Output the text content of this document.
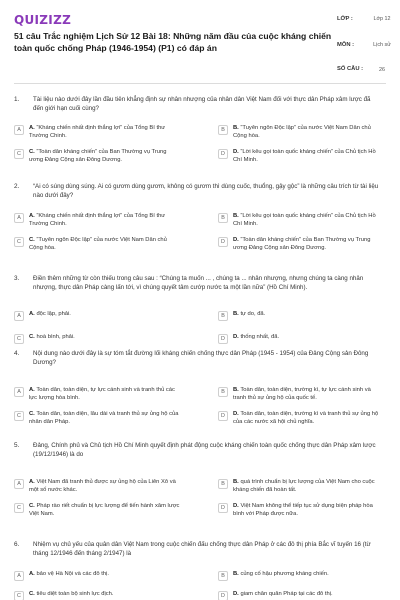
QUIZIZZ
51 câu Trắc nghiệm Lịch Sử 12 Bài 18: Những năm đầu của cuộc kháng chiến toàn quốc chống Pháp (1946-1954) (P1) có đáp án
LỚP :	Lớp 12
MÔN :	Lịch sử
SỐ CÂU :	26
1. Tài liệu nào dưới đây lần đầu tiên khẳng định sự nhân nhượng của nhân dân Việt Nam đối với thực dân Pháp xâm lược đã đến giới hạn cuối cùng?
2. “Ai có súng dùng súng. Ai có gươm dùng gươm, không có gươm thì dùng cuốc, thuổng, gậy gộc” là những câu trích từ tài liệu nào dưới đây?
3. Điền thêm những từ còn thiếu trong câu sau : “Chúng ta muốn ... , chúng ta ... nhân nhượng, nhưng chúng ta càng nhân nhượng, thực dân Pháp càng lấn tới, vì chúng quyết tâm cướp nước ta một lần nữa” (Hồ Chí Minh).
4. Nội dung nào dưới đây là sự tóm tắt đường lối kháng chiến chống thực dân Pháp (1945 - 1954) của Đảng Cộng sản Đông Dương?
5. Đảng, Chính phủ và Chủ tịch Hồ Chí Minh quyết định phát động cuộc kháng chiến toàn quốc chống thực dân Pháp xâm lược (19/12/1946) là do
6. Nhiệm vụ chủ yếu của quân dân Việt Nam trong cuộc chiến đấu chống thực dân Pháp ở các đô thị phía Bắc vĩ tuyến 16 (từ tháng 12/1946 đến tháng 2/1947) là
A	A. “Kháng chiến nhất định thắng lợi” của Tổng Bí thư Trường Chinh.
B	B. “Tuyên ngôn Độc lập” của nước Việt Nam Dân chủ Cộng hòa.
C	C. “Toàn dân kháng chiến” của Ban Thường vụ Trung ương Đảng Cộng sản Đông Dương.
D	D. “Lời kêu gọi toàn quốc kháng chiến” của Chủ tịch Hồ Chí Minh.
A	A. “Kháng chiến nhất định thắng lợi” của Tổng Bí thư Trường Chinh.
B	B. “Lời kêu gọi toàn quốc kháng chiến” của Chủ tịch Hồ Chí Minh.
C	C. “Tuyên ngôn Độc lập” của nước Việt Nam Dân chủ Cộng hòa.
D	D. “Toàn dân kháng chiến” của Ban Thường vụ Trung ương Đảng Cộng sản Đông Dương.
A	A. độc lập, phải.	B	B. tự do, đã.
C	C. hoà bình, phải.	D	D. thống nhất, đã.
A	A. Toàn dân, toàn diện, tự lực cánh sinh và tranh thủ các lực lượng hòa bình.
B	B. Toàn dân, toàn diện, trường kì, tự lực cánh sinh và tranh thủ sự ủng hộ của quốc tế.
C	C. Toàn dân, toàn diện, lâu dài và tranh thủ sự ủng hộ của nhân dân Pháp.
D	D. Toàn dân, toàn diện, trường kì và tranh thủ sự ủng hộ của các nước xã hội chủ nghĩa.
A	A. Việt Nam đã tranh thủ được sự ủng hộ của Liên Xô và một số nước khác.
B	B. quá trình chuẩn bị lực lượng của Việt Nam cho cuộc kháng chiến đã hoàn tất.
C	C. Pháp rào riết chuẩn bị lực lượng để tiến hành xâm lược Việt Nam.
D	D. Việt Nam không thể tiếp tục sử dụng biện pháp hòa bình với Pháp được nữa.
A	A. bảo vệ Hà Nội và các đô thị.	B	B. củng cố hậu phương kháng chiến.
C	C. tiêu diệt toàn bộ sinh lực địch.	D	D. giam chân quân Pháp tại các đô thị.
